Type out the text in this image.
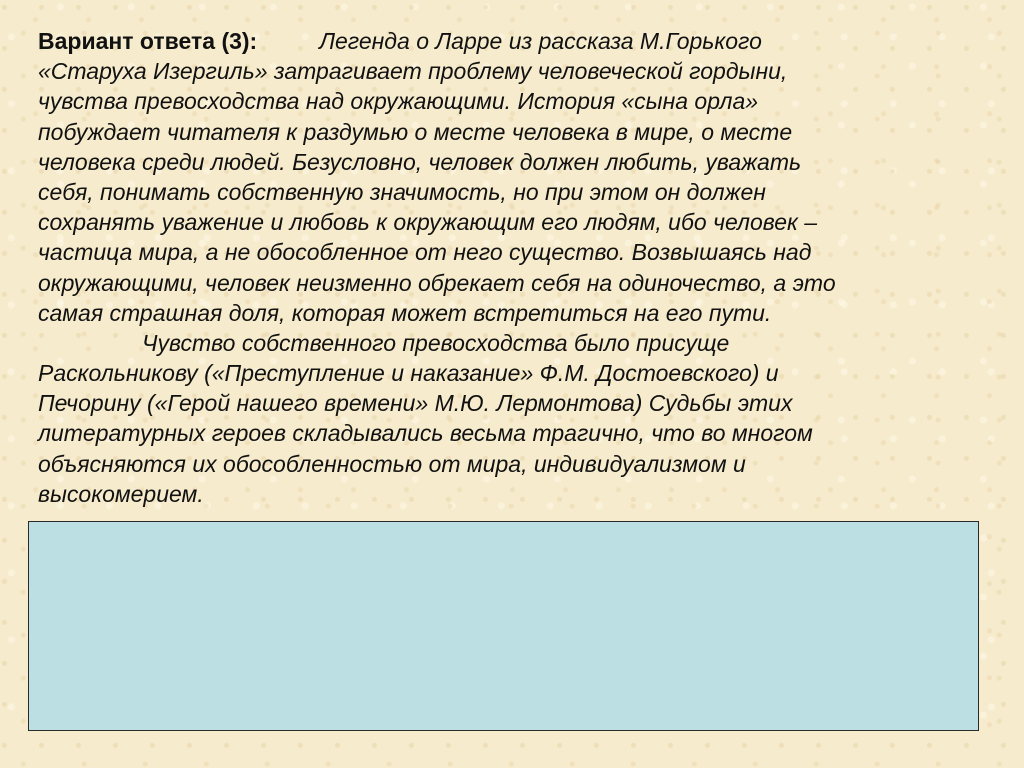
Вариант ответа (3):	Легенда о Ларре из рассказа М.Горького
«Старуха Изергиль» затрагивает проблему человеческой гордыни,
чувства превосходства над окружающими. История «сына орла»
побуждает читателя к раздумью о месте человека в мире, о месте
человека среди людей. Безусловно, человек должен любить, уважать
себя, понимать собственную значимость, но при этом он должен
сохранять уважение и любовь к окружающим его людям, ибо человек –
частица мира, а не обособленное от него существо. Возвышаясь над
окружающими, человек неизменно обрекает себя на одиночество, а это
самая страшная доля, которая может встретиться на его пути.
Чувство собственного превосходства было присуще
Раскольникову («Преступление и наказание» Ф.М. Достоевского) и
Печорину («Герой нашего времени» М.Ю. Лермонтова) Судьбы этих
литературных героев складывались весьма трагично, что во многом
объясняются их обособленностью от мира, индивидуализмом и
высокомерием.
